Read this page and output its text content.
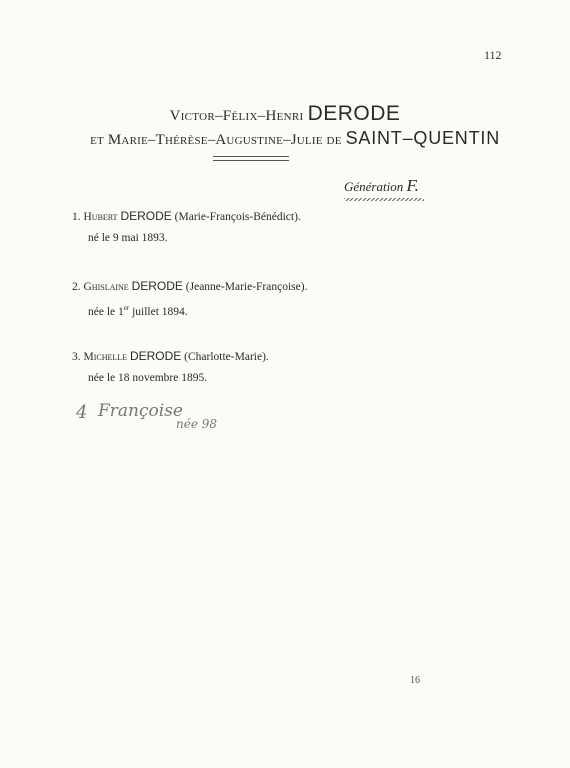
112
Victor–Félix–Henri DERODE
et Marie–Thérèse–Augustine–Julie de SAINT–QUENTIN
Génération F.
1. Hubert DERODE (Marie-François-Bénédict).
né le 9 mai 1893.
2. Ghislaine DERODE (Jeanne-Marie-Françoise).
née le 1er juillet 1894.
3. Michelle DERODE (Charlotte-Marie).
née le 18 novembre 1895.
4 Françoise
née 98
16
